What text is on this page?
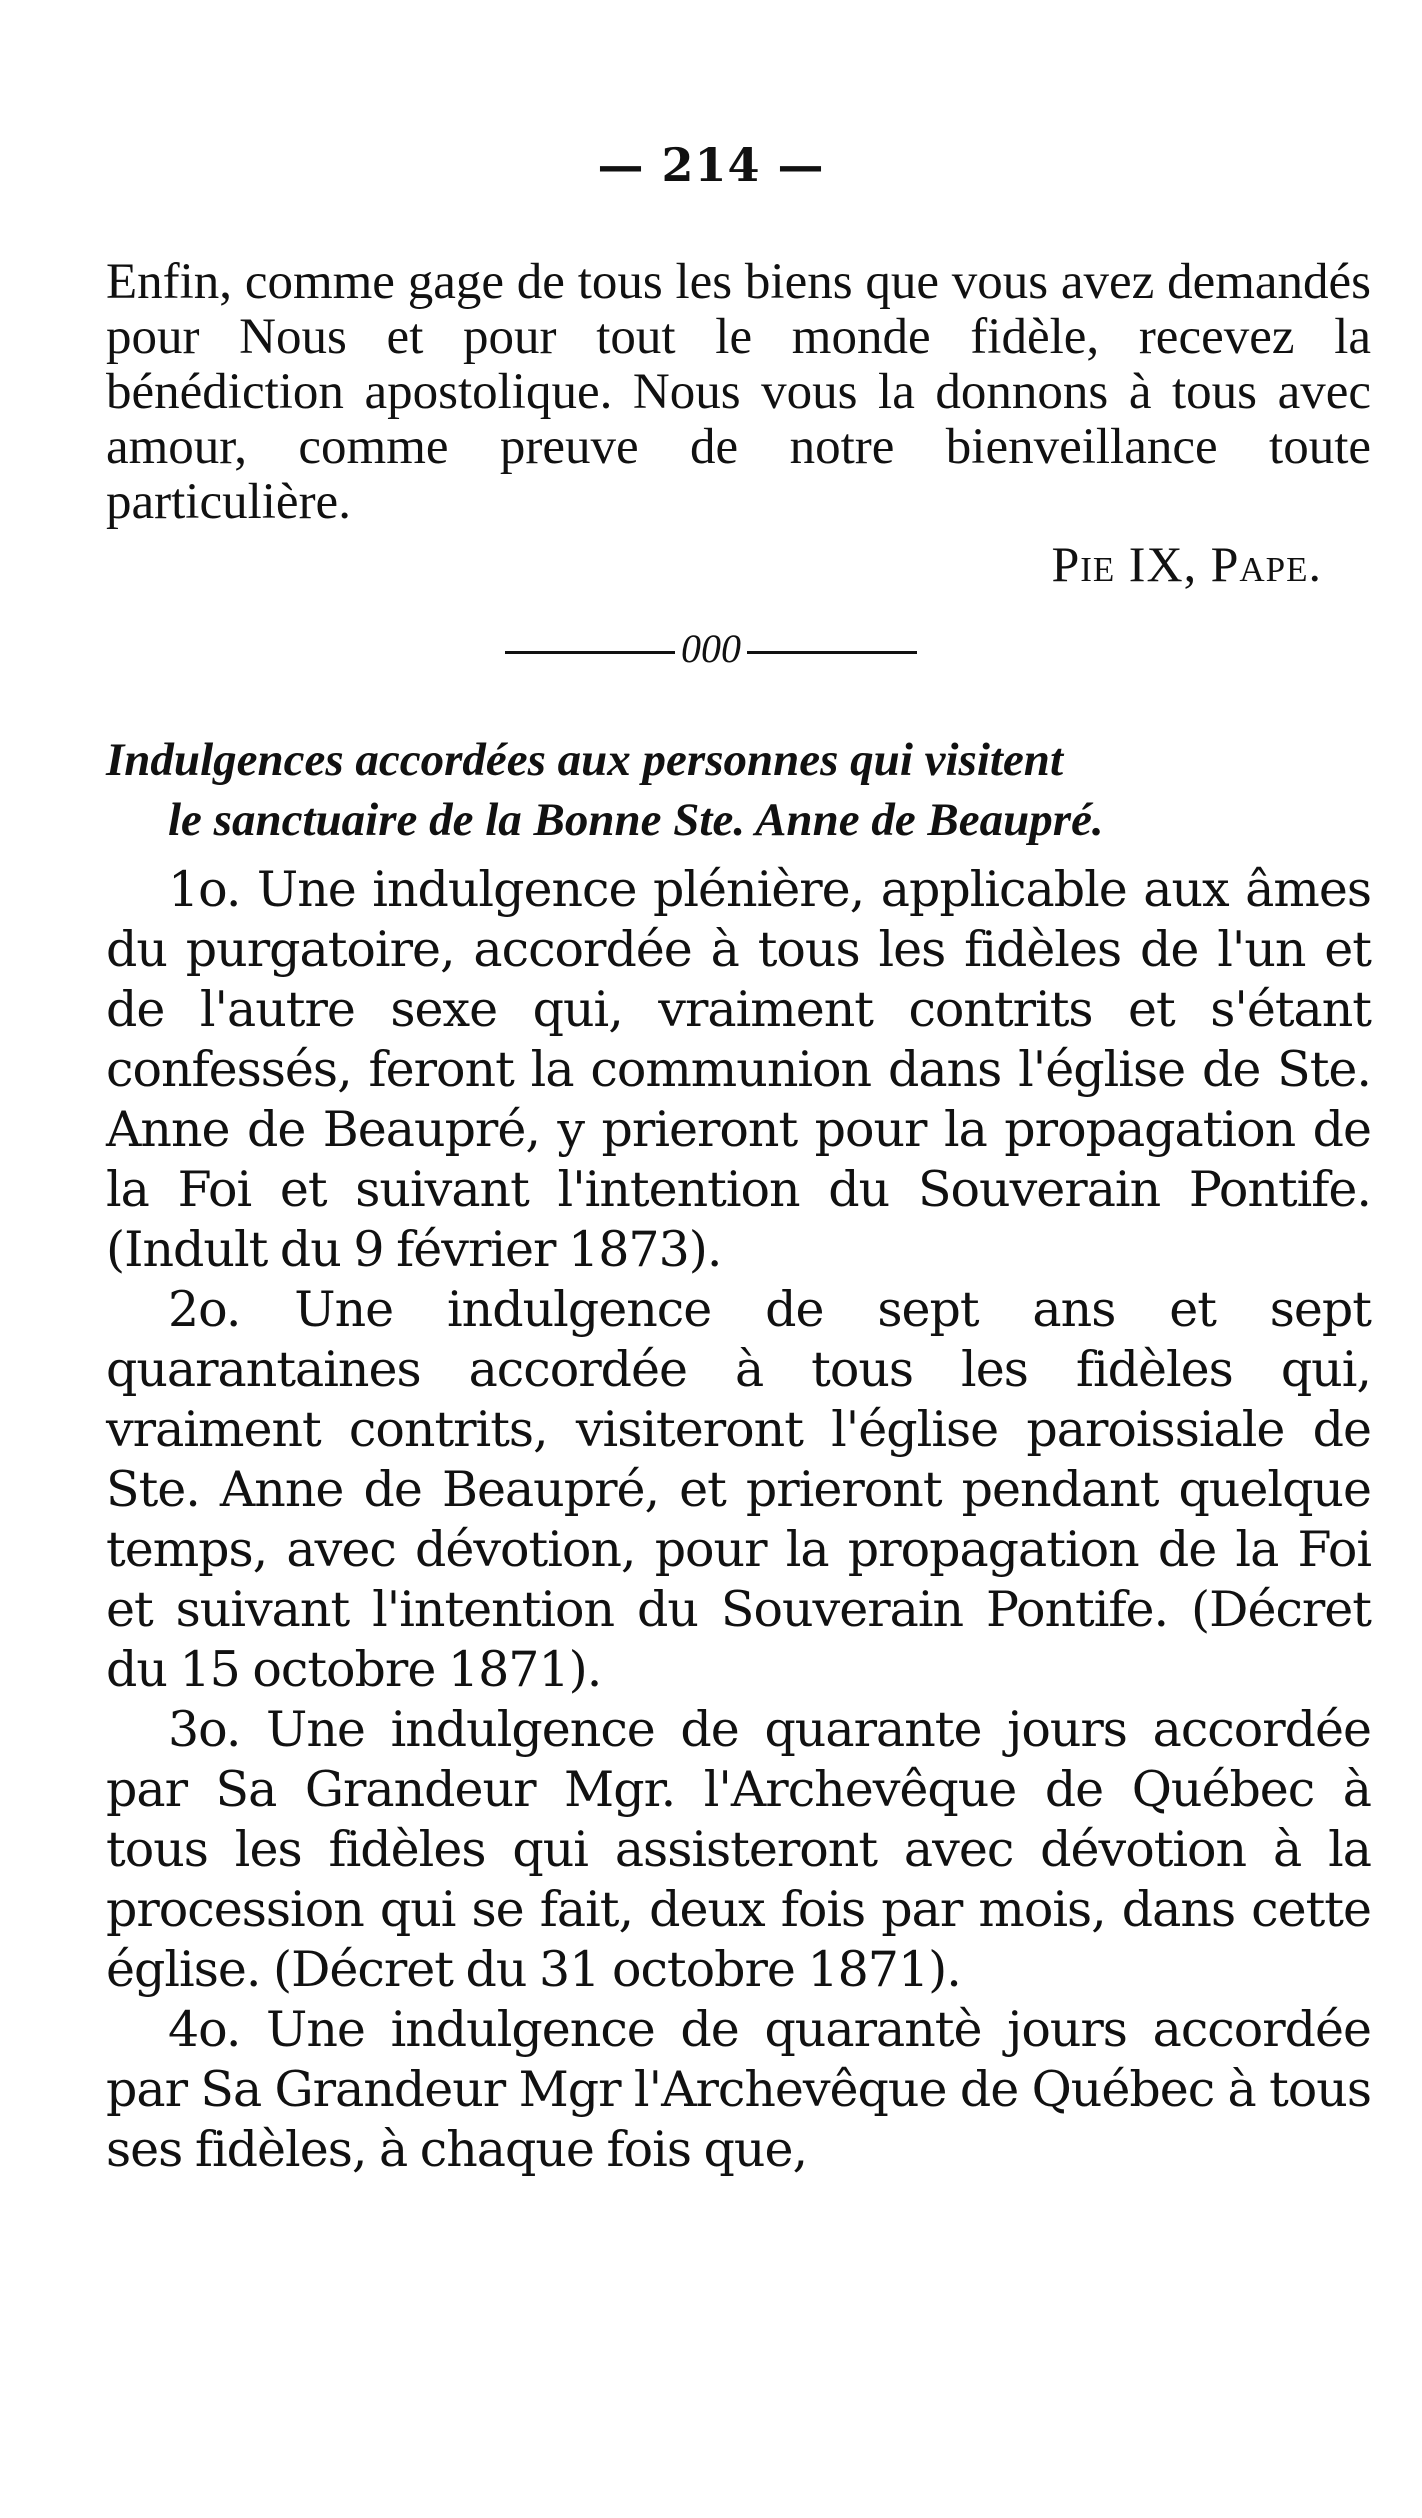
— 214 —
Enfin, comme gage de tous les biens que vous avez demandés pour Nous et pour tout le monde fidèle, recevez la bénédiction apostolique. Nous vous la donnons à tous avec amour, comme preuve de notre bienveillance toute particulière.
Pie IX, Pape.
000
Indulgences accordées aux personnes qui visitent
le sanctuaire de la Bonne Ste. Anne de Beaupré.

1o. Une indulgence plénière, applicable aux âmes du purgatoire, accordée à tous les fidèles de l'un et de l'autre sexe qui, vraiment contrits et s'étant confessés, feront la communion dans l'église de Ste. Anne de Beaupré, y prieront pour la propagation de la Foi et suivant l'intention du Souverain Pontife. (Indult du 9 février 1873).

2o. Une indulgence de sept ans et sept quarantaines accordée à tous les fidèles qui, vraiment contrits, visiteront l'église paroissiale de Ste. Anne de Beaupré, et prieront pendant quelque temps, avec dévotion, pour la propagation de la Foi et suivant l'intention du Souverain Pontife. (Décret du 15 octobre 1871).

3o. Une indulgence de quarante jours accordée par Sa Grandeur Mgr. l'Archevêque de Québec à tous les fidèles qui assisteront avec dévotion à la procession qui se fait, deux fois par mois, dans cette église. (Décret du 31 octobre 1871).

4o. Une indulgence de quarantè jours accordée par Sa Grandeur Mgr l'Archevêque de Québec à tous ses fidèles, à chaque fois que,
